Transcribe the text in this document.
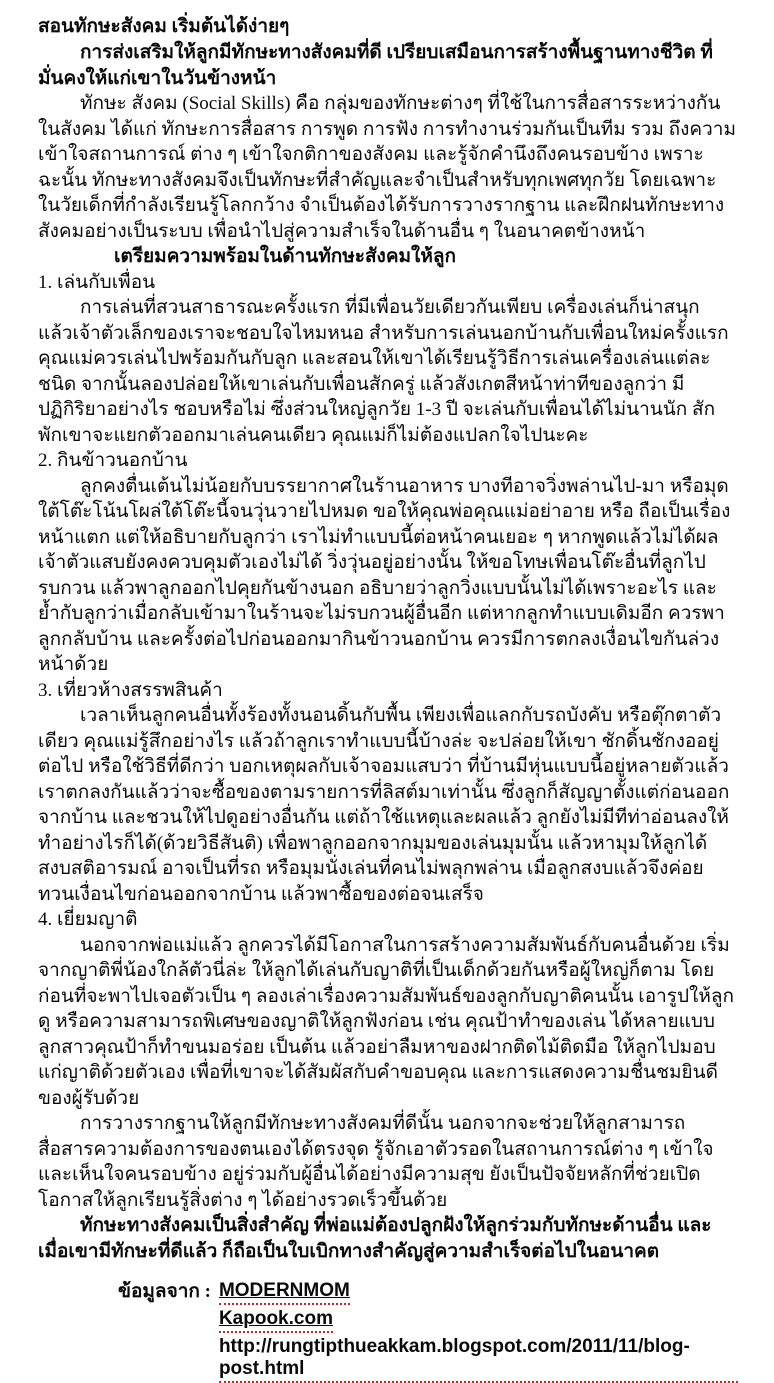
สอนทักษะสังคม เริ่มต้นได้ง่ายๆ

การส่งเสริมให้ลูกมีทักษะทางสังคมที่ดี เปรียบเสมือนการสร้างพื้นฐานทางชีวิต ที่มั่นคงให้แก่เขาในวันข้างหน้า

ทักษะ สังคม (Social Skills) คือ กลุ่มของทักษะต่างๆ ที่ใช้ในการสื่อสารระหว่างกันในสังคม ได้แก่ ทักษะการสื่อสาร การพูด การฟัง การทำงานร่วมกันเป็นทีม รวม ถึงความเข้าใจสถานการณ์ ต่าง ๆ เข้าใจกติกาของสังคม และรู้จักคำนึงถึงคนรอบข้าง เพราะฉะนั้น ทักษะทางสังคมจึงเป็นทักษะที่สำคัญและจำเป็นสำหรับทุกเพศทุกวัย โดยเฉพาะในวัยเด็กที่กำลังเรียนรู้โลกกว้าง จำเป็นต้องได้รับการวางรากฐาน และฝึกฝนทักษะทางสังคมอย่างเป็นระบบ เพื่อนำไปสู่ความสำเร็จในด้านอื่น ๆ ในอนาคตข้างหน้า

เตรียมความพร้อมในด้านทักษะสังคมให้ลูก

1. เล่นกับเพื่อน

การเล่นที่สวนสาธารณะครั้งแรก ที่มีเพื่อนวัยเดียวกันเพียบ เครื่องเล่นก็น่าสนุก แล้วเจ้าตัวเล็กของเราจะชอบใจไหมหนอ สำหรับการเล่นนอกบ้านกับเพื่อนใหม่ครั้งแรก คุณแม่ควรเล่นไปพร้อมกันกับลูก และสอนให้เขาได้เรียนรู้วิธีการเล่นเครื่องเล่นแต่ละชนิด จากนั้นลองปล่อยให้เขาเล่นกับเพื่อนสักครู่ แล้วสังเกตสีหน้าท่าทีของลูกว่า มีปฏิกิริยาอย่างไร ชอบหรือไม่ ซึ่งส่วนใหญ่ลูกวัย 1-3 ปี จะเล่นกับเพื่อนได้ไม่นานนัก สักพักเขาจะแยกตัวออกมาเล่นคนเดียว คุณแม่ก็ไม่ต้องแปลกใจไปนะคะ

2. กินข้าวนอกบ้าน

ลูกคงตื่นเต้นไม่น้อยกับบรรยากาศในร้านอาหาร บางทีอาจวิ่งพล่านไป-มา หรือมุดใต้โต๊ะโน้นโผล่ใต้โต๊ะนี้จนวุ่นวายไปหมด ขอให้คุณพ่อคุณแม่อย่าอาย หรือ ถือเป็นเรื่องหน้าแตก แต่ให้อธิบายกับลูกว่า เราไม่ทำแบบนี้ต่อหน้าคนเยอะ ๆ หากพูดแล้วไม่ได้ผล เจ้าตัวแสบยังคงควบคุมตัวเองไม่ได้ วิ่งวุ่นอยู่อย่างนั้น ให้ขอโทษเพื่อนโต๊ะอื่นที่ลูกไปรบกวน แล้วพาลูกออกไปคุยกันข้างนอก อธิบายว่าลูกวิ่งแบบนั้นไม่ได้เพราะอะไร และย้ำกับลูกว่าเมื่อกลับเข้ามาในร้านจะไม่รบกวนผู้อื่นอีก แต่หากลูกทำแบบเดิมอีก ควรพาลูกกลับบ้าน และครั้งต่อไปก่อนออกมากินข้าวนอกบ้าน ควรมีการตกลงเงื่อนไขกันล่วงหน้าด้วย

3. เที่ยวห้างสรรพสินค้า

เวลาเห็นลูกคนอื่นทั้งร้องทั้งนอนดิ้นกับพื้น เพียงเพื่อแลกกับรถบังคับ หรือตุ๊กตาตัวเดียว คุณแม่รู้สึกอย่างไร แล้วถ้าลูกเราทำแบบนี้บ้างล่ะ จะปล่อยให้เขา ชักดิ้นชักงออยู่ต่อไป หรือใช้วิธีที่ดีกว่า บอกเหตุผลกับเจ้าจอมแสบว่า ที่บ้านมีหุ่นแบบนี้อยู่หลายตัวแล้ว เราตกลงกันแล้วว่าจะซื้อของตามรายการที่ลิสต์มาเท่านั้น ซึ่งลูกก็สัญญาตั้งแต่ก่อนออกจากบ้าน และชวนให้ไปดูอย่างอื่นกัน แต่ถ้าใช้แหตุและผลแล้ว ลูกยังไม่มีทีท่าอ่อนลงให้ทำอย่างไรก็ได้(ด้วยวิธีสันติ) เพื่อพาลูกออกจากมุมของเล่นมุมนั้น แล้วหามุมให้ลูกได้สงบสติอารมณ์ อาจเป็นที่รถ หรือมุมนั่งเล่นที่คนไม่พลุกพล่าน เมื่อลูกสงบแล้วจึงค่อยทวนเงื่อนไขก่อนออกจากบ้าน แล้วพาซื้อของต่อจนเสร็จ

4. เยี่ยมญาติ

นอกจากพ่อแม่แล้ว ลูกควรได้มีโอกาสในการสร้างความสัมพันธ์กับคนอื่นด้วย เริ่มจากญาติพี่น้องใกล้ตัวนี่ล่ะ ให้ลูกได้เล่นกับญาติที่เป็นเด็กด้วยกันหรือผู้ใหญ่ก็ตาม โดยก่อนที่จะพาไปเจอตัวเป็น ๆ ลองเล่าเรื่องความสัมพันธ์ของลูกกับญาติคนนั้น เอารูปให้ลูกดู หรือความสามารถพิเศษของญาติให้ลูกฟังก่อน เช่น คุณป้าทำของเล่น ได้หลายแบบ ลูกสาวคุณป้าก็ทำขนมอร่อย เป็นต้น แล้วอย่าลืมหาของฝากติดไม้ติดมือ ให้ลูกไปมอบแก่ญาติด้วยตัวเอง เพื่อที่เขาจะได้สัมผัสกับคำขอบคุณ และการแสดงความชื่นชมยินดีของผู้รับด้วย

การวางรากฐานให้ลูกมีทักษะทางสังคมที่ดีนั้น นอกจากจะช่วยให้ลูกสามารถสื่อสารความต้องการของตนเองได้ตรงจุด รู้จักเอาตัวรอดในสถานการณ์ต่าง ๆ เข้าใจ และเห็นใจคนรอบข้าง อยู่ร่วมกับผู้อื่นได้อย่างมีความสุข ยังเป็นปัจจัยหลักที่ช่วยเปิดโอกาสให้ลูกเรียนรู้สิ่งต่าง ๆ ได้อย่างรวดเร็วขึ้นด้วย

ทักษะทางสังคมเป็นสิ่งสำคัญ ที่พ่อแม่ต้องปลูกฝังให้ลูกร่วมกับทักษะด้านอื่น และเมื่อเขามีทักษะที่ดีแล้ว ก็ถือเป็นใบเบิกทางสำคัญสู่ความสำเร็จต่อไปในอนาคต

ข้อมูลจาก : MODERNMOM
Kapook.com
http://rungtipthueakkam.blogspot.com/2011/11/blog-post.html
